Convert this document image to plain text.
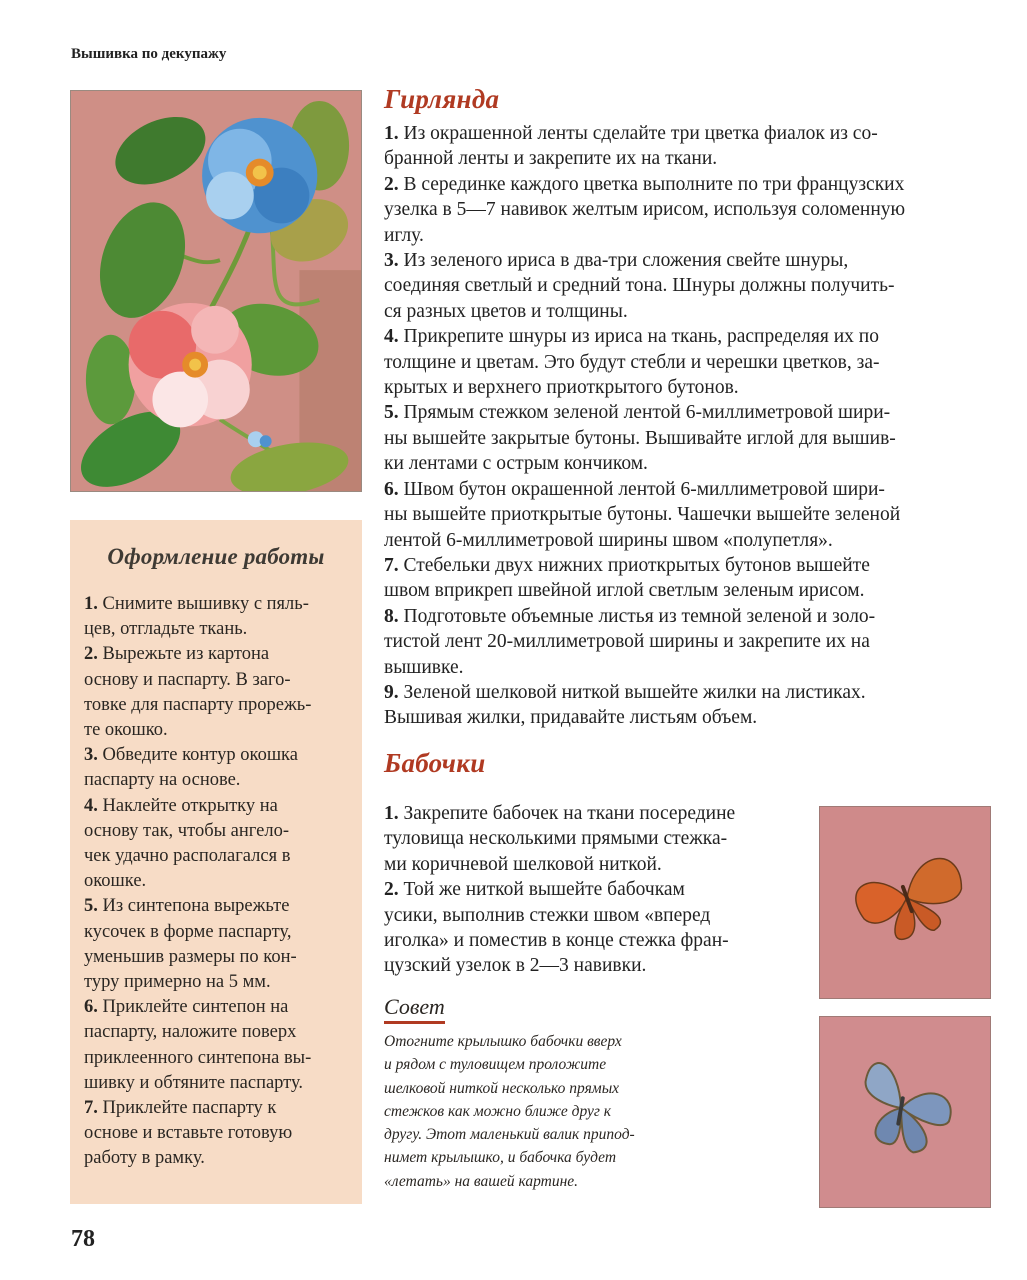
Вышивка по декупажу
Оформление работы
1. Снимите вышивку с пяль-
цев, отгладьте ткань.
2. Вырежьте из картона
основу и паспарту. В заго-
товке для паспарту прорежь-
те окошко.
3. Обведите контур окошка
паспарту на основе.
4. Наклейте открытку на
основу так, чтобы ангело-
чек удачно располагался в
окошке.
5. Из синтепона вырежьте
кусочек в форме паспарту,
уменьшив размеры по кон-
туру примерно на 5 мм.
6. Приклейте синтепон на
паспарту, наложите поверх
приклеенного синтепона вы-
шивку и обтяните паспарту.
7. Приклейте паспарту к
основе и вставьте готовую
работу в рамку.
Гирлянда
1. Из окрашенной ленты сделайте три цветка фиалок из со-
бранной ленты и закрепите их на ткани.
2. В серединке каждого цветка выполните по три французских
узелка в 5—7 навивок желтым ирисом, используя соломенную
иглу.
3. Из зеленого ириса в два-три сложения свейте шнуры,
соединяя светлый и средний тона. Шнуры должны получить-
ся разных цветов и толщины.
4. Прикрепите шнуры из ириса на ткань, распределяя их по
толщине и цветам. Это будут стебли и черешки цветков, за-
крытых и верхнего приоткрытого бутонов.
5. Прямым стежком зеленой лентой 6-миллиметровой шири-
ны вышейте закрытые бутоны. Вышивайте иглой для вышив-
ки лентами с острым кончиком.
6. Швом бутон окрашенной лентой 6-миллиметровой шири-
ны вышейте приоткрытые бутоны. Чашечки вышейте зеленой
лентой 6-миллиметровой ширины швом «полупетля».
7. Стебельки двух нижних приоткрытых бутонов вышейте
швом вприкреп швейной иглой светлым зеленым ирисом.
8. Подготовьте объемные листья из темной зеленой и золо-
тистой лент 20-миллиметровой ширины и закрепите их на
вышивке.
9. Зеленой шелковой ниткой вышейте жилки на листиках.
Вышивая жилки, придавайте листьям объем.
Бабочки
1. Закрепите бабочек на ткани посередине
туловища несколькими прямыми стежка-
ми коричневой шелковой ниткой.
2. Той же ниткой вышейте бабочкам
усики, выполнив стежки швом «вперед
иголка» и поместив в конце стежка фран-
цузский узелок в 2—3 навивки.
Совет
Отогните крылышко бабочки вверх
и рядом с туловищем проложите
шелковой ниткой несколько прямых
стежков как можно ближе друг к
другу. Этот маленький валик припод-
нимет крылышко, и бабочка будет
«летать» на вашей картине.
78
